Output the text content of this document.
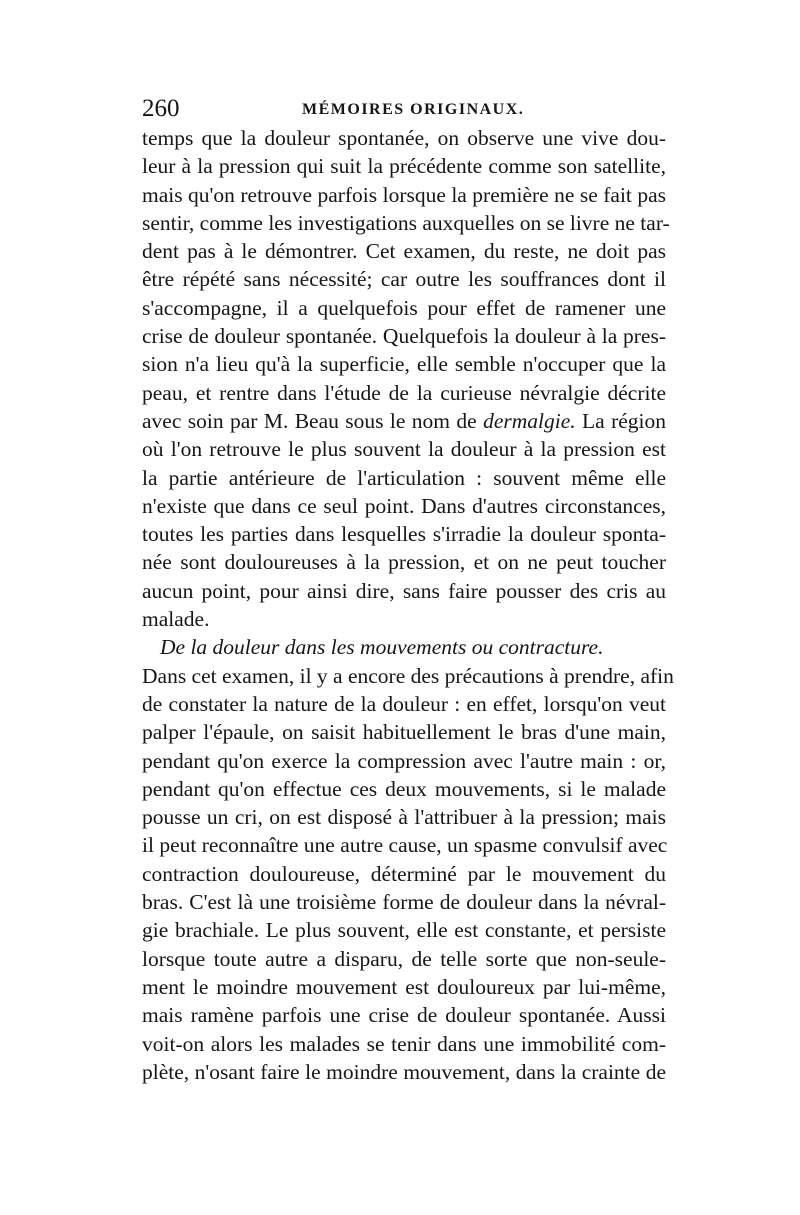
260	MÉMOIRES ORIGINAUX.
temps que la douleur spontanée, on observe une vive dou-
leur à la pression qui suit la précédente comme son satellite,
mais qu'on retrouve parfois lorsque la première ne se fait pas
sentir, comme les investigations auxquelles on se livre ne tar-
dent pas à le démontrer. Cet examen, du reste, ne doit pas
être répété sans nécessité; car outre les souffrances dont il
s'accompagne, il a quelquefois pour effet de ramener une
crise de douleur spontanée. Quelquefois la douleur à la pres-
sion n'a lieu qu'à la superficie, elle semble n'occuper que la
peau, et rentre dans l'étude de la curieuse névralgie décrite
avec soin par M. Beau sous le nom de dermalgie. La région
où l'on retrouve le plus souvent la douleur à la pression est
la partie antérieure de l'articulation : souvent même elle
n'existe que dans ce seul point. Dans d'autres circonstances,
toutes les parties dans lesquelles s'irradie la douleur sponta-
née sont douloureuses à la pression, et on ne peut toucher
aucun point, pour ainsi dire, sans faire pousser des cris au
malade.
De la douleur dans les mouvements ou contracture.
Dans cet examen, il y a encore des précautions à prendre, afin
de constater la nature de la douleur : en effet, lorsqu'on veut
palper l'épaule, on saisit habituellement le bras d'une main,
pendant qu'on exerce la compression avec l'autre main : or,
pendant qu'on effectue ces deux mouvements, si le malade
pousse un cri, on est disposé à l'attribuer à la pression; mais
il peut reconnaître une autre cause, un spasme convulsif avec
contraction douloureuse, déterminé par le mouvement du
bras. C'est là une troisième forme de douleur dans la névral-
gie brachiale. Le plus souvent, elle est constante, et persiste
lorsque toute autre a disparu, de telle sorte que non-seule-
ment le moindre mouvement est douloureux par lui-même,
mais ramène parfois une crise de douleur spontanée. Aussi
voit-on alors les malades se tenir dans une immobilité com-
plète, n'osant faire le moindre mouvement, dans la crainte de
